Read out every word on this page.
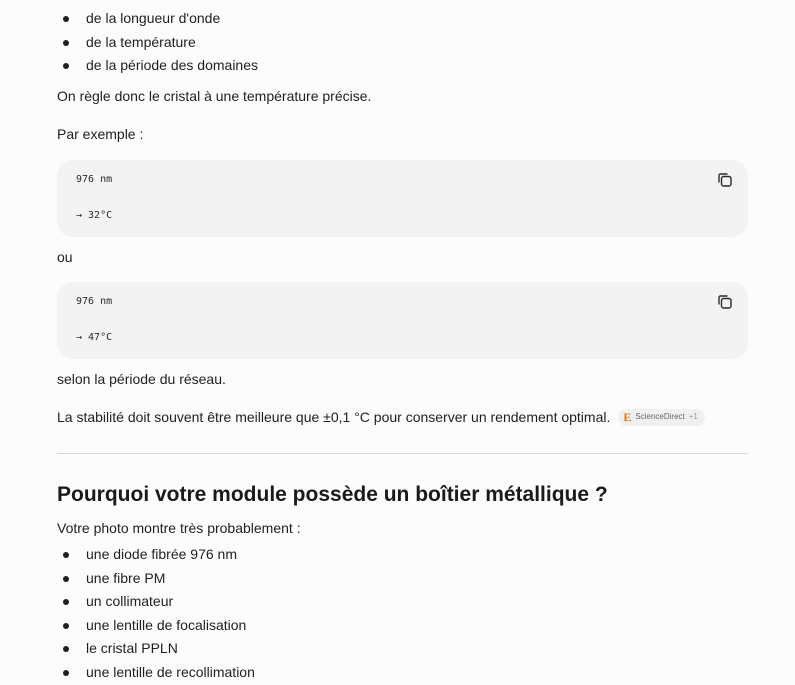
de la longueur d'onde
de la température
de la période des domaines

On règle donc le cristal à une température précise.

Par exemple :

976 nm
→ 32°C

ou

976 nm
→ 47°C

selon la période du réseau.

La stabilité doit souvent être meilleure que ±0,1 °C pour conserver un rendement optimal. E ScienceDirect +1

Pourquoi votre module possède un boîtier métallique ?

Votre photo montre très probablement :

une diode fibrée 976 nm
une fibre PM
un collimateur
une lentille de focalisation
le cristal PPLN
une lentille de recollimation
